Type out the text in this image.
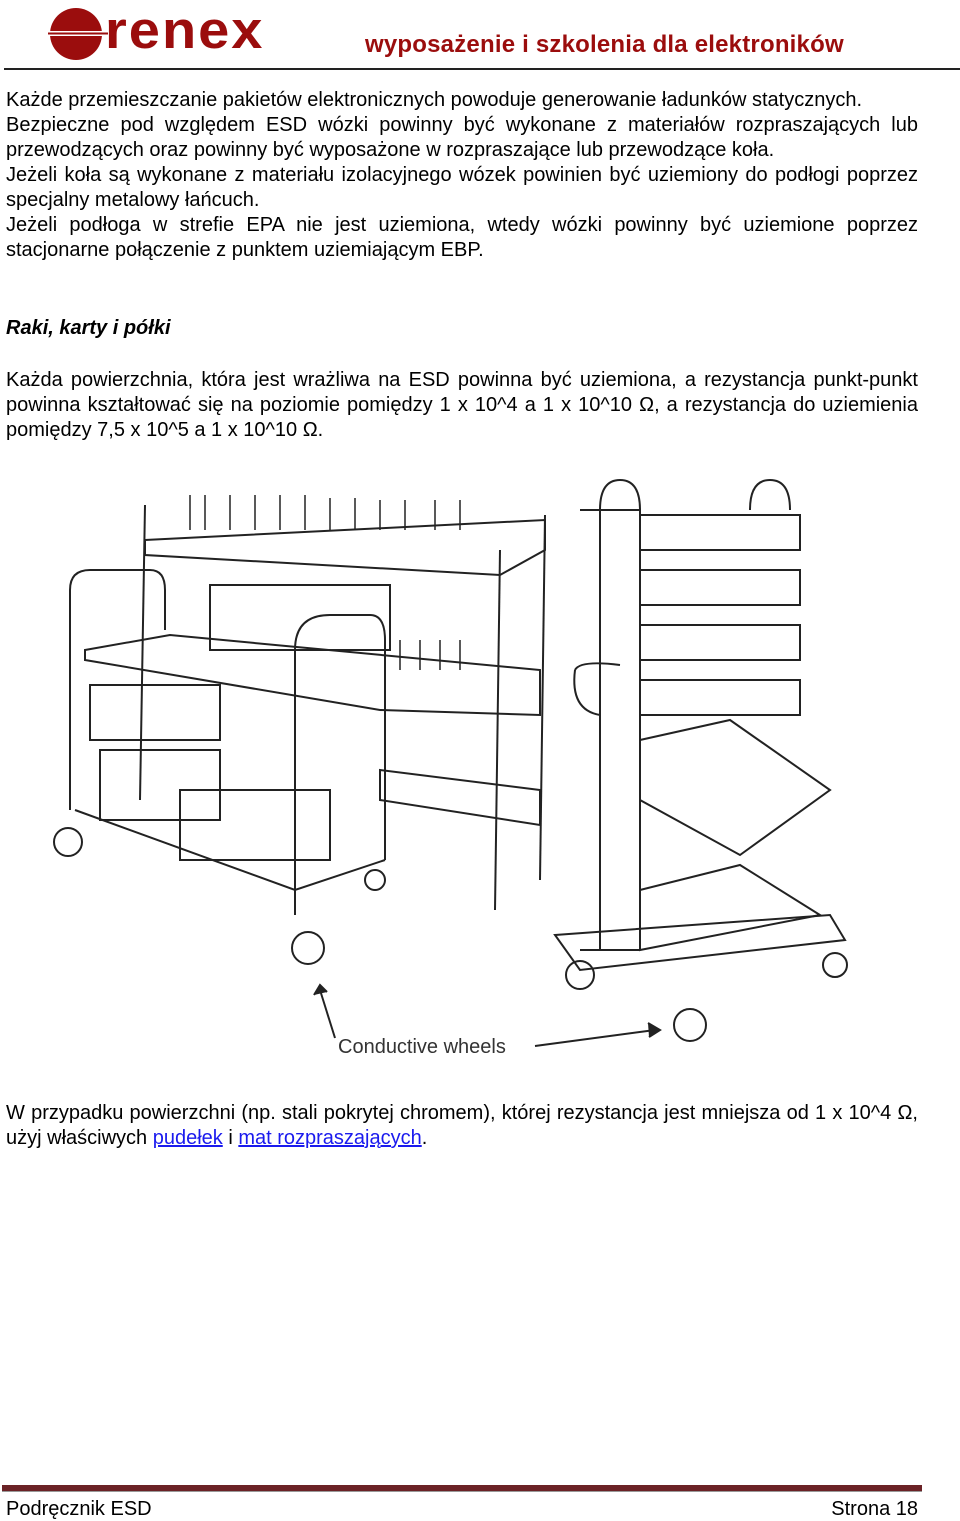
renex	wyposażenie i szkolenia dla elektroników

Każde przemieszczanie pakietów elektronicznych powoduje generowanie ładunków statycznych.

Bezpieczne pod względem ESD wózki powinny być wykonane z materiałów rozpraszających lub przewodzących oraz powinny być wyposażone w rozpraszające lub przewodzące koła.

Jeżeli koła są wykonane z materiału izolacyjnego wózek powinien być uziemiony do podłogi poprzez specjalny metalowy łańcuch.

Jeżeli podłoga w strefie EPA nie jest uziemiona, wtedy wózki powinny być uziemione poprzez stacjonarne połączenie z punktem uziemiającym EBP.

Raki, karty i półki

Każda powierzchnia, która jest wrażliwa na ESD powinna być uziemiona, a rezystancja punkt-punkt powinna kształtować się na poziomie pomiędzy 1 x 10^4 a 1 x 10^10 Ω, a rezystancja do uziemienia pomiędzy 7,5 x 10^5 a 1 x 10^10 Ω.

Conductive wheels

W przypadku powierzchni (np. stali pokrytej chromem), której rezystancja jest mniejsza od 1 x 10^4 Ω, użyj właściwych pudełek i mat rozpraszających.

Podręcznik ESD	Strona 18
